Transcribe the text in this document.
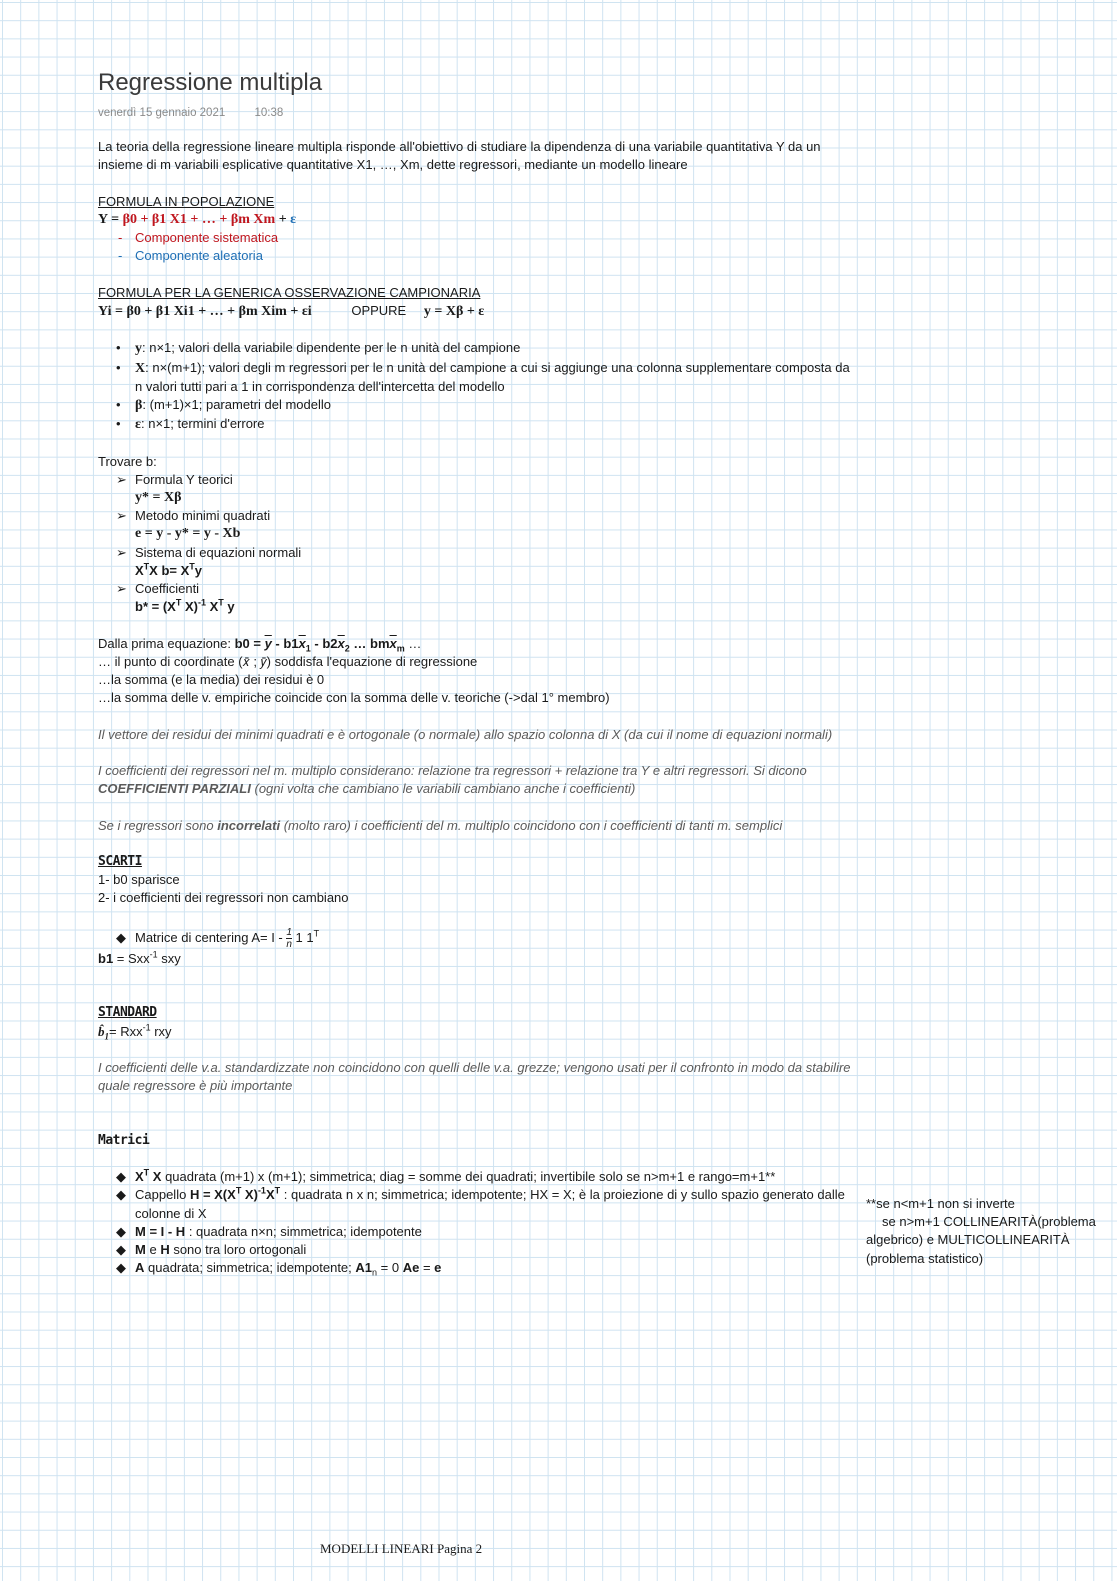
Regressione multipla
venerdì 15 gennaio 2021	10:38

La teoria della regressione lineare multipla risponde all'obiettivo di studiare la dipendenza di una variabile quantitativa Y da un insieme di m variabili esplicative quantitative X1, …, Xm, dette regressori, mediante un modello lineare

FORMULA IN POPOLAZIONE

Y = β0 + β1 X1 + … + βm Xm + ε

- Componente sistematica
- Componente aleatoria

FORMULA PER LA GENERICA OSSERVAZIONE CAMPIONARIA

Yi = β0 + β1 Xi1 + … + βm Xim + εi	OPPURE y = Xβ + ε

• y: n×1; valori della variabile dipendente per le n unità del campione
• X: n×(m+1); valori degli m regressori per le n unità del campione a cui si aggiunge una colonna supplementare composta da n valori tutti pari a 1 in corrispondenza dell'intercetta del modello
• β: (m+1)×1; parametri del modello
• ε: n×1; termini d'errore

Trovare b:

➢ Formula Y teorici
y* = Xβ
➢ Metodo minimi quadrati
e = y - y* = y - Xb
➢ Sistema di equazioni normali
$X^TX$ $b= X^Ty$
➢ Coefficienti
$b* = (X^T$ X)$^{-1}$ $X^T$ y

Dalla prima equazione: $b0 = \overline{y} - b1\overline{x}_1 - b2\overline{x}_2$ … $bm\overline{x}_m$ …

… il punto di coordinate (𝑥̄ ; 𝑦̄) soddisfa l'equazione di regressione

…la somma (e la media) dei residui è 0

…la somma delle v. empiriche coincide con la somma delle v. teoriche (->dal 1° membro)

Il vettore dei residui dei minimi quadrati e è ortogonale (o normale) allo spazio colonna di X (da cui il nome di equazioni normali)

I coefficienti dei regressori nel m. multiplo considerano: relazione tra regressori + relazione tra Y e altri regressori. Si dicono COEFFICIENTI PARZIALI (ogni volta che cambiano le variabili cambiano anche i coefficienti)

Se i regressori sono incorrelati (molto raro) i coefficienti del m. multiplo coincidono con i coefficienti di tanti m. semplici

SCARTI

1- b0 sparisce

2- i coefficienti dei regressori non cambiano

◆ Matrice di centering $A= I - \frac{1}{n} 1$ $1^T$

b1 = Sxx$^{-1}$ sxy

STANDARD

$b̂_1= Rxx^{-1}$ rxy

I coefficienti delle v.a. standardizzate non coincidono con quelli delle v.a. grezze; vengono usati per il confronto in modo da stabilire quale regressore è più importante

Matrici

◆ $X^T$ X quadrata (m+1) x (m+1); simmetrica; diag = somme dei quadrati; invertibile solo se n>m+1 e rango=m+1**
◆ Cappello $H = X(X^T$ $X)^{-1}X^T$ : quadrata n x n; simmetrica; idempotente; HX = X; è la proiezione di y sullo spazio generato dalle colonne di X
◆ M = I - H : quadrata n×n; simmetrica; idempotente
◆ M e H sono tra loro ortogonali
◆ A quadrata; simmetrica; idempotente; $A1_n = 0$ Ae = e

**se n<m+1 non si inverte

se n>m+1 COLLINEARITÀ(problema algebrico) e MULTICOLLINEARITÀ (problema statistico)

MODELLI LINEARI Pagina 2
